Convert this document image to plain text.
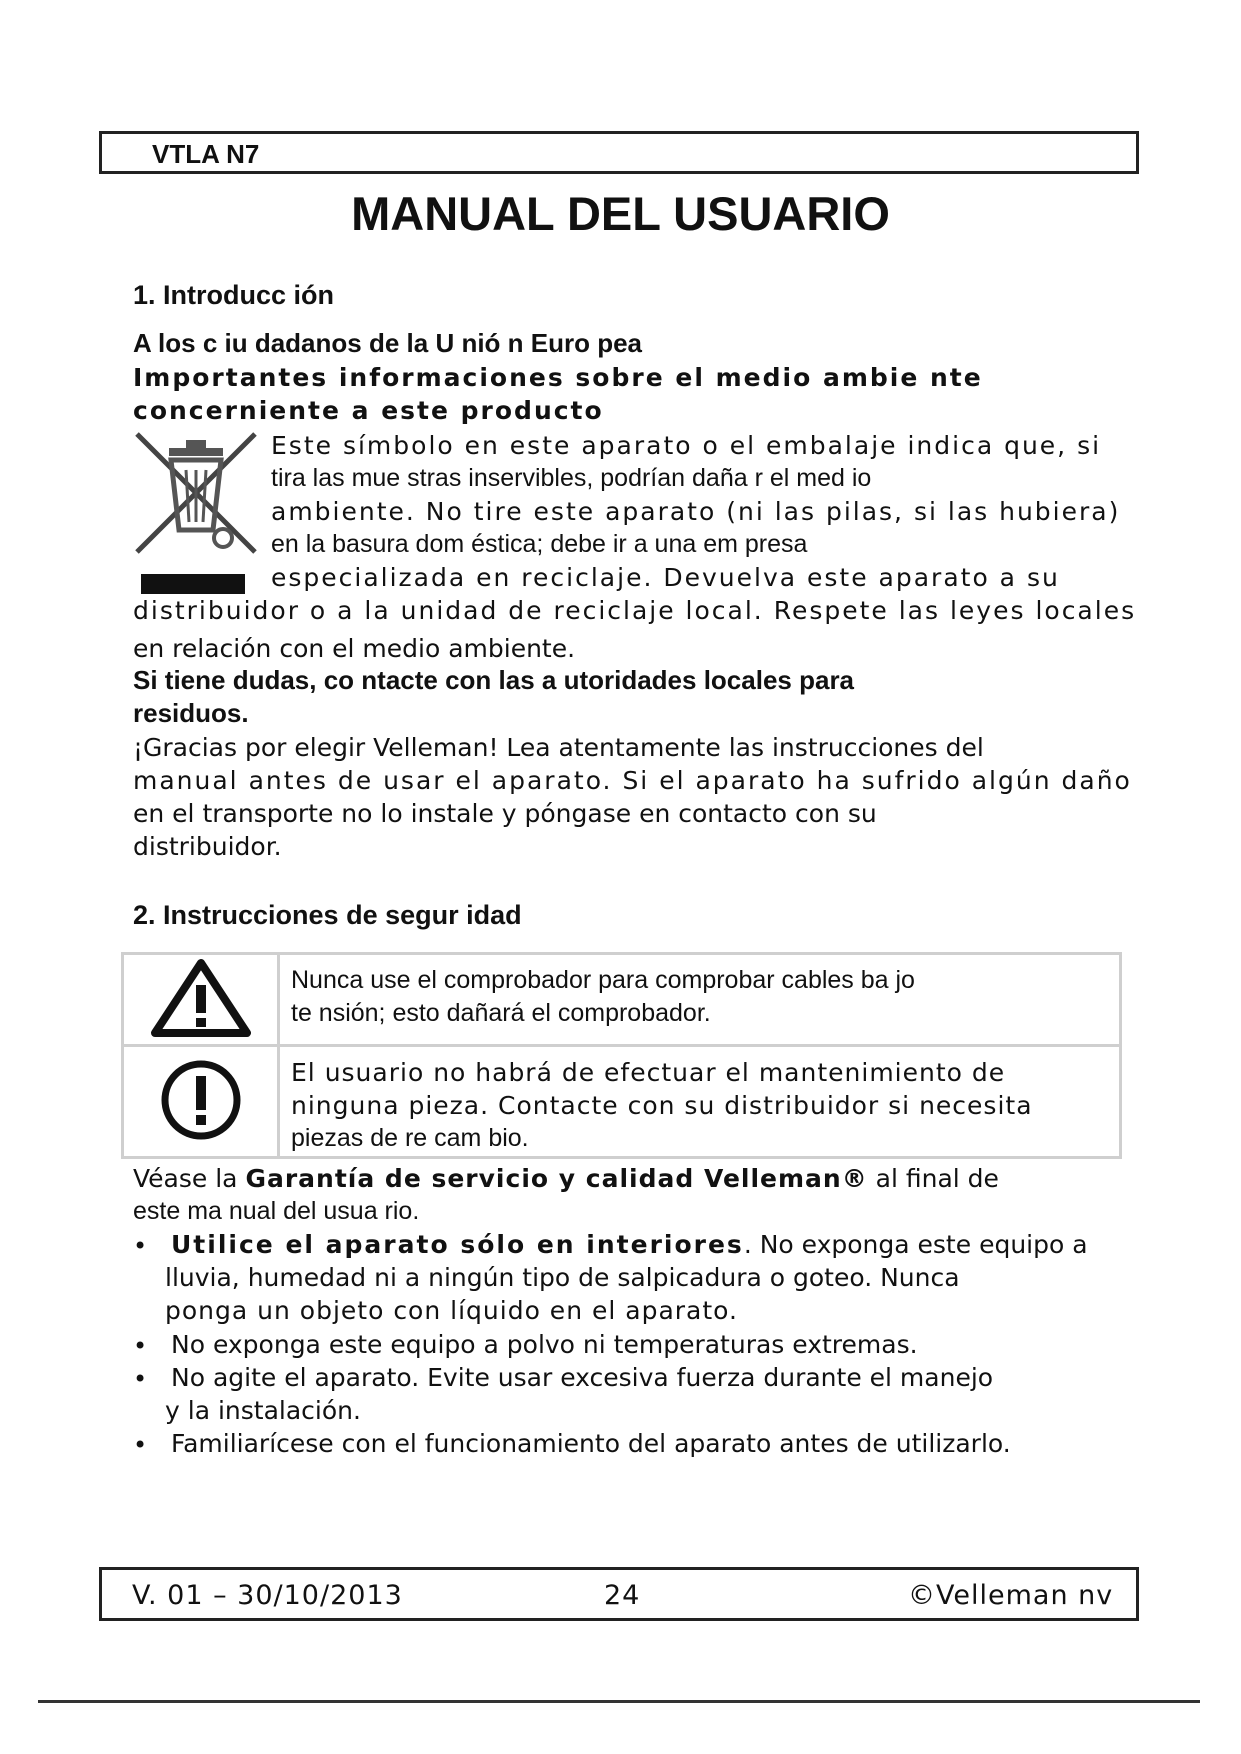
VTLA N7
MANUAL DEL USUARIO
1. Introducc ión
A los c iu dadanos de la U nió n Euro pea
Importantes informaciones sobre el medio ambie nte
concerniente a este producto
Este símbolo en este aparato o el embalaje indica que, si
tira las mue stras inservibles, podrían daña r el med io
ambiente. No tire este aparato (ni las pilas, si las hubiera)
en la basura dom éstica; debe ir a una em presa
especializada en reciclaje. Devuelva este aparato a su
distribuidor o a la unidad de reciclaje local. Respete las leyes locales
en relación con el medio ambiente.
Si tiene dudas, co ntacte con las a utoridades locales para
residuos.
¡Gracias por elegir Velleman! Lea atentamente las instrucciones del
manual antes de usar el aparato. Si el aparato ha sufrido algún daño
en el transporte no lo instale y póngase en contacto con su
distribuidor.
2. Instrucciones de segur idad

Nunca use el comprobador para comprobar cables ba jo
te nsión; esto dañará el comprobador.

El usuario no habrá de efectuar el mantenimiento de
ninguna pieza. Contacte con su distribuidor si necesita
piezas de re cam bio.
Véase la Garantía de servicio y calidad Velleman® al final de
este ma nual del usua rio.
• Utilice el aparato sólo en interiores. No exponga este equipo a
lluvia, humedad ni a ningún tipo de salpicadura o goteo. Nunca
ponga un objeto con líquido en el aparato.
• No exponga este equipo a polvo ni temperaturas extremas.
• No agite el aparato. Evite usar excesiva fuerza durante el manejo
y la instalación.
• Familiarícese con el funcionamiento del aparato antes de utilizarlo.
V. 01 – 30/10/2013	24	©Velleman nv
